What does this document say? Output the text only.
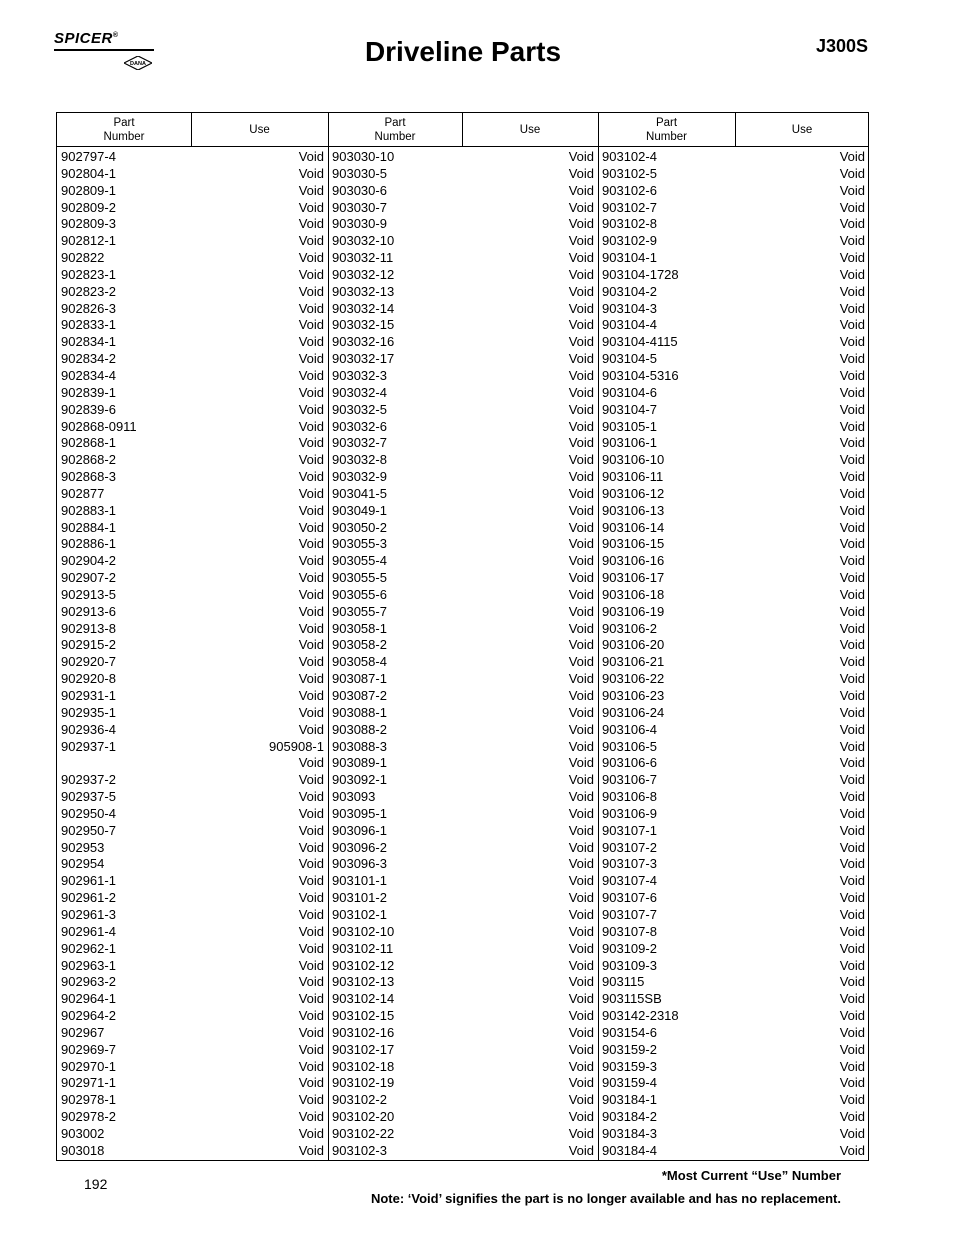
SPICER®
DANA	Driveline Parts	J300S
Part
Number
Use
902797-4	Void
902804-1	Void
902809-1	Void
902809-2	Void
902809-3	Void
902812-1	Void
902822	Void
902823-1	Void
902823-2	Void
902826-3	Void
902833-1	Void
902834-1	Void
902834-2	Void
902834-4	Void
902839-1	Void
902839-6	Void
902868-0911	Void
902868-1	Void
902868-2	Void
902868-3	Void
902877	Void
902883-1	Void
902884-1	Void
902886-1	Void
902904-2	Void
902907-2	Void
902913-5	Void
902913-6	Void
902913-8	Void
902915-2	Void
902920-7	Void
902920-8	Void
902931-1	Void
902935-1	Void
902936-4	Void
902937-1	905908-1
Void
902937-2	Void
902937-5	Void
902950-4	Void
902950-7	Void
902953	Void
902954	Void
902961-1	Void
902961-2	Void
902961-3	Void
902961-4	Void
902962-1	Void
902963-1	Void
902963-2	Void
902964-1	Void
902964-2	Void
902967	Void
902969-7	Void
902970-1	Void
902971-1	Void
902978-1	Void
902978-2	Void
903002	Void
903018	Void
Part
Number
Use
903030-10	Void
903030-5	Void
903030-6	Void
903030-7	Void
903030-9	Void
903032-10	Void
903032-11	Void
903032-12	Void
903032-13	Void
903032-14	Void
903032-15	Void
903032-16	Void
903032-17	Void
903032-3	Void
903032-4	Void
903032-5	Void
903032-6	Void
903032-7	Void
903032-8	Void
903032-9	Void
903041-5	Void
903049-1	Void
903050-2	Void
903055-3	Void
903055-4	Void
903055-5	Void
903055-6	Void
903055-7	Void
903058-1	Void
903058-2	Void
903058-4	Void
903087-1	Void
903087-2	Void
903088-1	Void
903088-2	Void
903088-3	Void
903089-1	Void
903092-1	Void
903093	Void
903095-1	Void
903096-1	Void
903096-2	Void
903096-3	Void
903101-1	Void
903101-2	Void
903102-1	Void
903102-10	Void
903102-11	Void
903102-12	Void
903102-13	Void
903102-14	Void
903102-15	Void
903102-16	Void
903102-17	Void
903102-18	Void
903102-19	Void
903102-2	Void
903102-20	Void
903102-22	Void
903102-3	Void
Part
Number
Use
903102-4	Void
903102-5	Void
903102-6	Void
903102-7	Void
903102-8	Void
903102-9	Void
903104-1	Void
903104-1728	Void
903104-2	Void
903104-3	Void
903104-4	Void
903104-4115	Void
903104-5	Void
903104-5316	Void
903104-6	Void
903104-7	Void
903105-1	Void
903106-1	Void
903106-10	Void
903106-11	Void
903106-12	Void
903106-13	Void
903106-14	Void
903106-15	Void
903106-16	Void
903106-17	Void
903106-18	Void
903106-19	Void
903106-2	Void
903106-20	Void
903106-21	Void
903106-22	Void
903106-23	Void
903106-24	Void
903106-4	Void
903106-5	Void
903106-6	Void
903106-7	Void
903106-8	Void
903106-9	Void
903107-1	Void
903107-2	Void
903107-3	Void
903107-4	Void
903107-6	Void
903107-7	Void
903107-8	Void
903109-2	Void
903109-3	Void
903115	Void
903115SB	Void
903142-2318	Void
903154-6	Void
903159-2	Void
903159-3	Void
903159-4	Void
903184-1	Void
903184-2	Void
903184-3	Void
903184-4	Void
*Most Current “Use” Number
192
Note: ‘Void’ signifies the part is no longer available and has no replacement.
